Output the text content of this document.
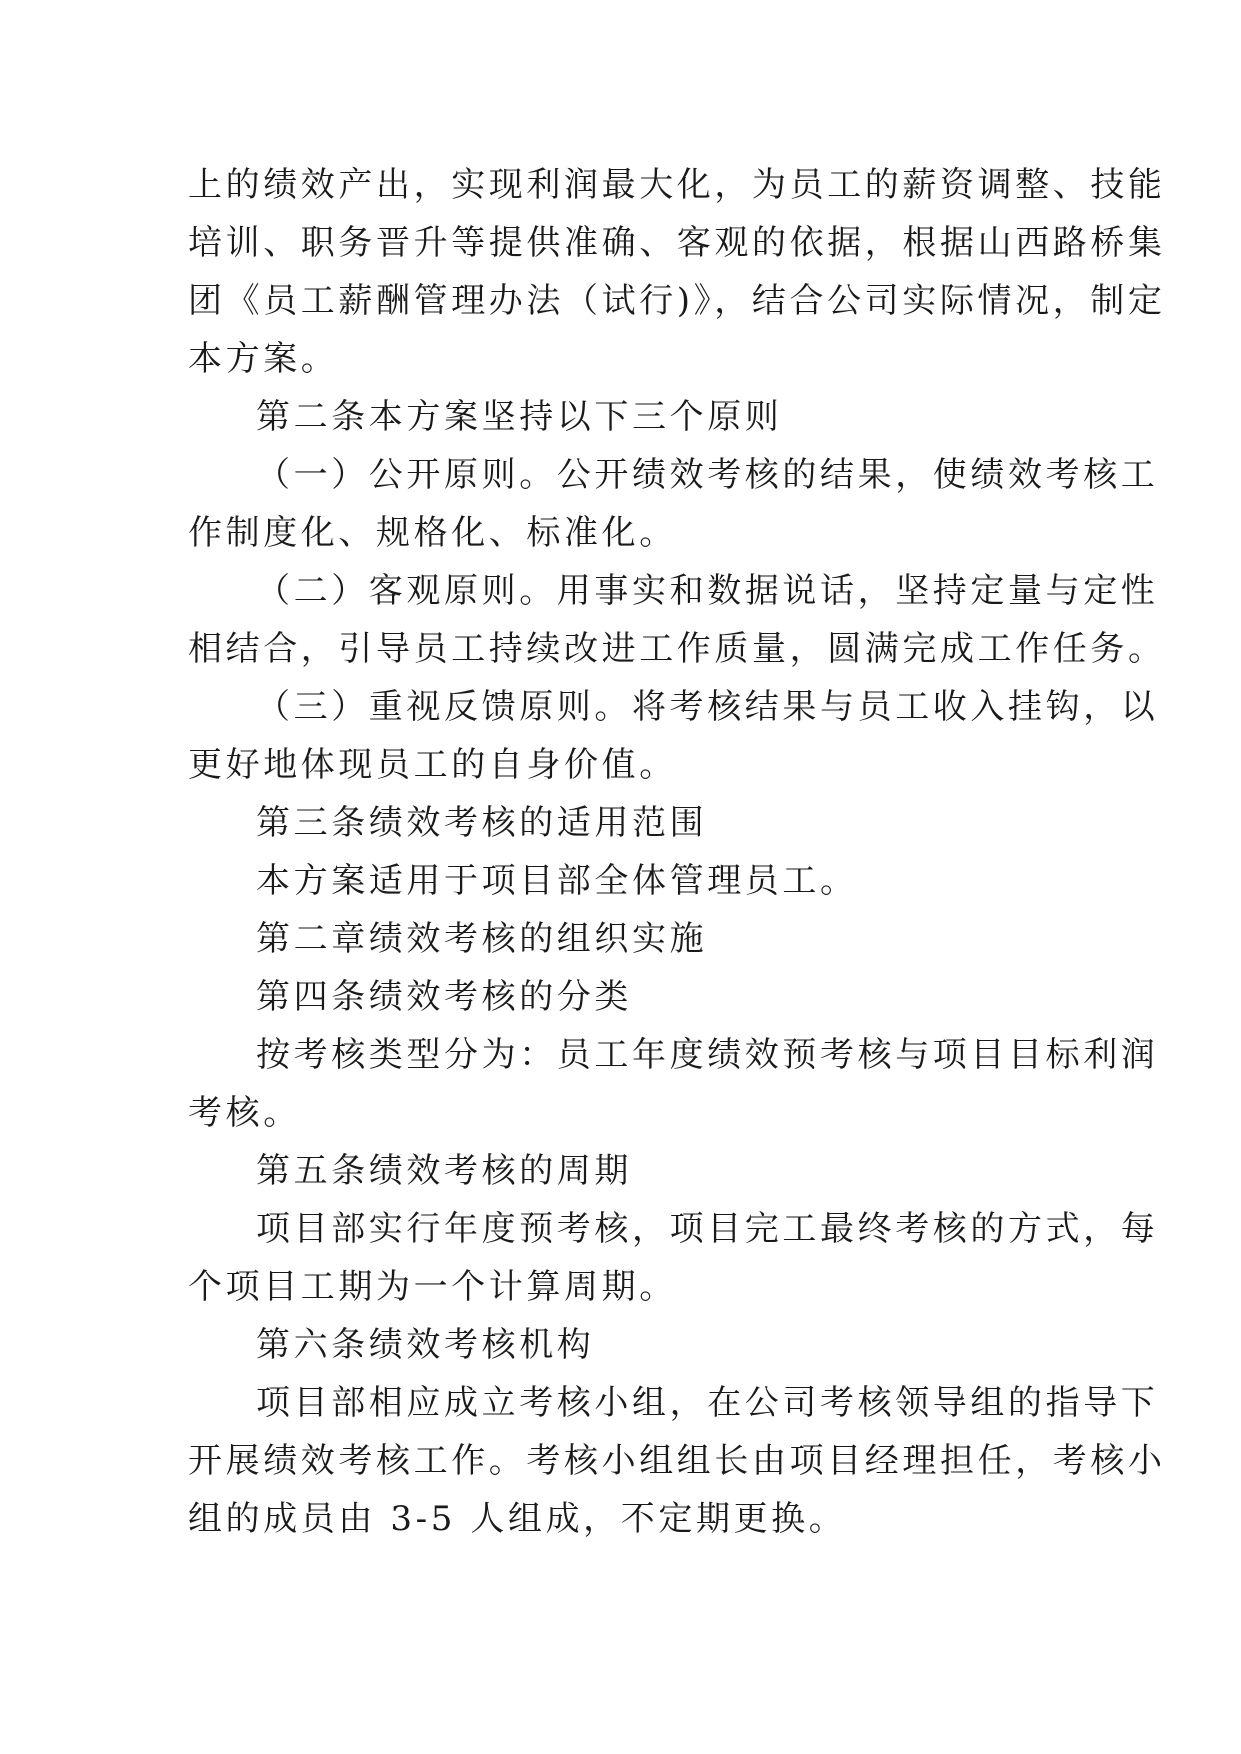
上的绩效产出，实现利润最大化，为员工的薪资调整、技能
培训、职务晋升等提供准确、客观的依据，根据山西路桥集
团《员工薪酬管理办法（试行)》，结合公司实际情况，制定
本方案。
第二条本方案坚持以下三个原则
（一）公开原则。公开绩效考核的结果，使绩效考核工
作制度化、规格化、标准化。
（二）客观原则。用事实和数据说话，坚持定量与定性
相结合，引导员工持续改进工作质量，圆满完成工作任务。
（三）重视反馈原则。将考核结果与员工收入挂钩，以
更好地体现员工的自身价值。
第三条绩效考核的适用范围
本方案适用于项目部全体管理员工。
第二章绩效考核的组织实施
第四条绩效考核的分类
按考核类型分为：员工年度绩效预考核与项目目标利润
考核。
第五条绩效考核的周期
项目部实行年度预考核，项目完工最终考核的方式，每
个项目工期为一个计算周期。
第六条绩效考核机构
项目部相应成立考核小组，在公司考核领导组的指导下
开展绩效考核工作。考核小组组长由项目经理担任，考核小
组的成员由 3-5 人组成，不定期更换。
